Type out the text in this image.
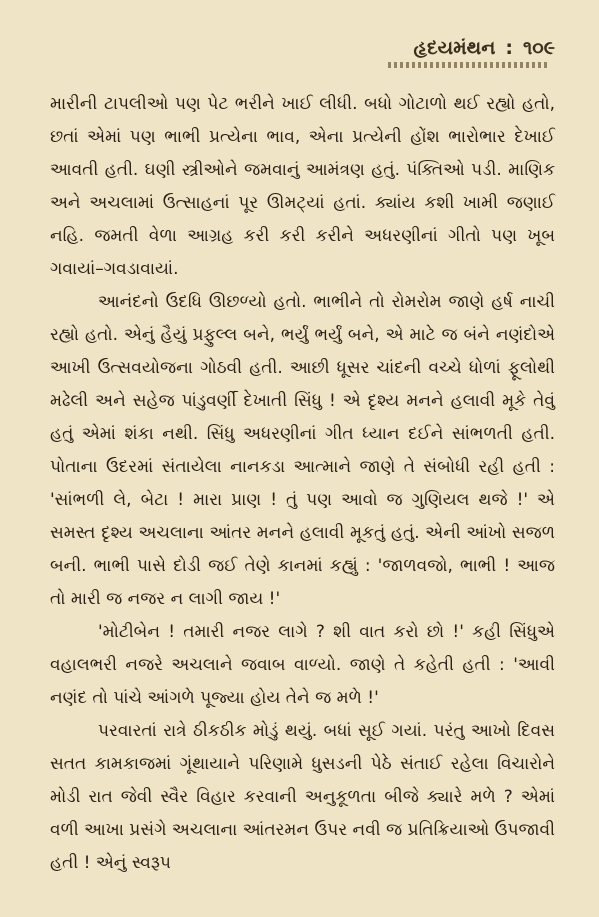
હૃદયમંથન : ૧૦૯

મારીની ટાપલીઓ પણ પેટ ભરીને ખાઈ લીધી. બધો ગોટાળો થઈ રહ્યો હતો, છતાં એમાં પણ ભાભી પ્રત્યેના ભાવ, એના પ્રત્યેની હોંશ ભારોભાર દેખાઈ આવતી હતી. ઘણી સ્ત્રીઓને જમવાનું આમંત્રણ હતું. પંક્તિઓ પડી. માણિક અને અચલામાં ઉત્સાહનાં પૂર ઊમટ્યાં હતાં. ક્યાંય કશી ખામી જણાઈ નહિ. જમતી વેળા આગ્રહ કરી કરી કરીને અધરણીનાં ગીતો પણ ખૂબ ગવાયાં–ગવડાવાયાં.

આનંદનો ઉદધિ ઊછળ્યો હતો. ભાભીને તો રોમરોમ જાણે હર્ષ નાચી રહ્યો હતો. એનું હૈયું પ્રફુલ્લ બને, ભર્યું ભર્યું બને, એ માટે જ બંને નણંદોએ આખી ઉત્સવયોજના ગોઠવી હતી. આછી ધૂસર ચાંદની વચ્ચે ધોળાં ફૂલોથી મઢેલી અને સહેજ પાંડુવર્ણી દેખાતી સિંધુ ! એ દૃશ્ય મનને હલાવી મૂકે તેવું હતું એમાં શંકા નથી. સિંધુ અધરણીનાં ગીત ધ્યાન દઈને સાંભળતી હતી. પોતાના ઉદરમાં સંતાયેલા નાનકડા આત્માને જાણે તે સંબોધી રહી હતી : 'સાંભળી લે, બેટા ! મારા પ્રાણ ! તું પણ આવો જ ગુણિયલ થજે !' એ સમસ્ત દૃશ્ય અચલાના આંતર મનને હલાવી મૂકતું હતું. એની આંખો સજળ બની. ભાભી પાસે દોડી જઈ તેણે કાનમાં કહ્યું : 'જાળવજો, ભાભી ! આજ તો મારી જ નજર ન લાગી જાય !'

'મોટીબેન ! તમારી નજર લાગે ? શી વાત કરો છો !' કહી સિંધુએ વહાલભરી નજરે અચલાને જવાબ વાળ્યો. જાણે તે કહેતી હતી : 'આવી નણંદ તો પાંચે આંગળે પૂજ્યા હોય તેને જ મળે !'

પરવારતાં રાત્રે ઠીકઠીક મોડું થયું. બધાં સૂઈ ગયાં. પરંતુ આખો દિવસ સતત કામકાજમાં ગૂંથાયાને પરિણામે ધુસડની પેઠે સંતાઈ રહેલા વિચારોને મોડી રાત જેવી સ્વૈર વિહાર કરવાની અનુકૂળતા બીજે ક્યારે મળે ? એમાં વળી આખા પ્રસંગે અચલાના આંતરમન ઉપર નવી જ પ્રતિક્રિયાઓ ઉપજાવી હતી ! એનું સ્વરૂપ
